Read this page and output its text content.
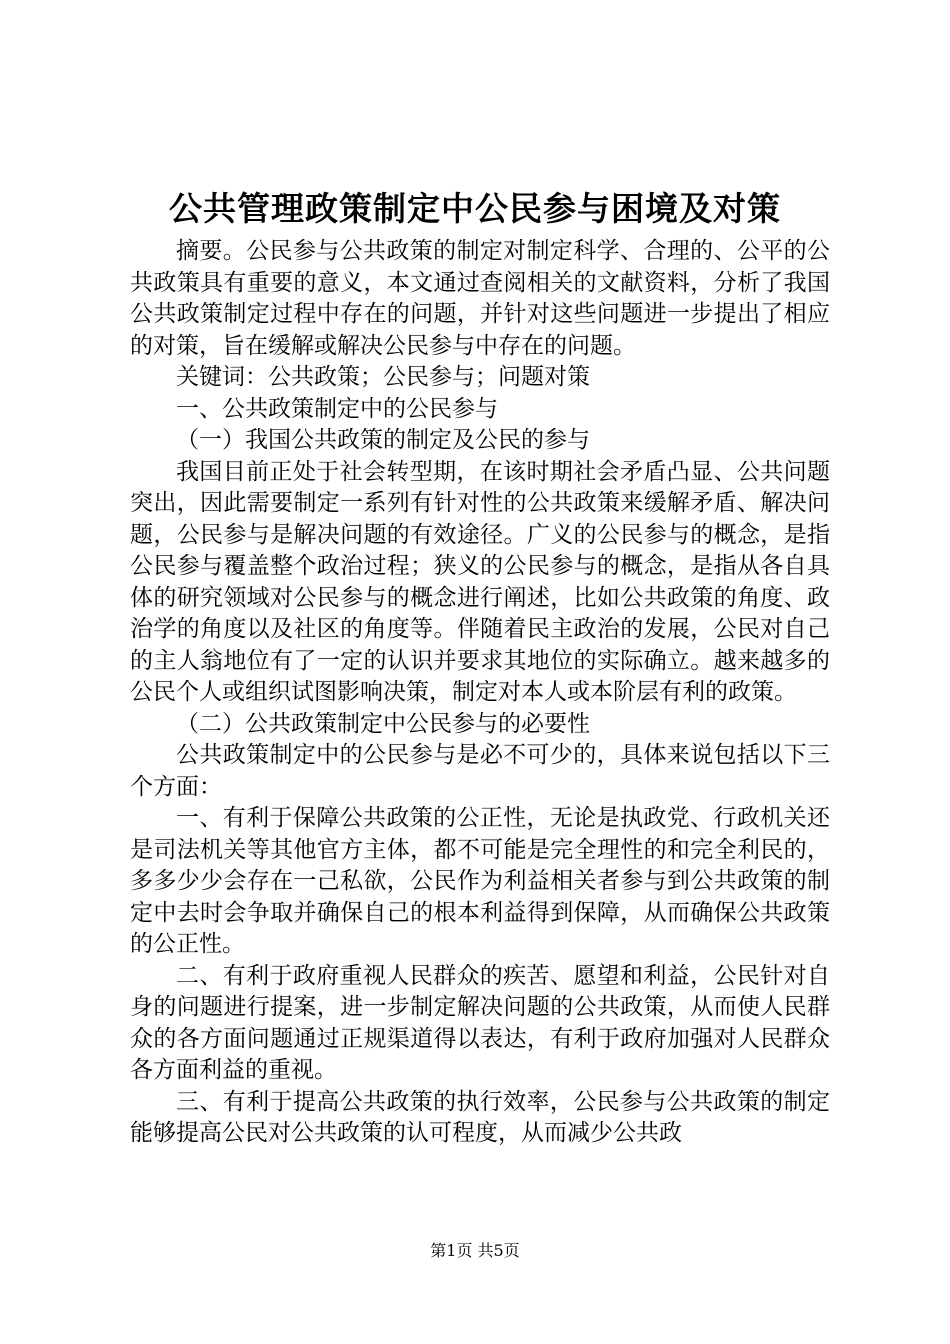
公共管理政策制定中公民参与困境及对策

摘要。公民参与公共政策的制定对制定科学、合理的、公平的公共政策具有重要的意义，本文通过查阅相关的文献资料，分析了我国公共政策制定过程中存在的问题，并针对这些问题进一步提出了相应的对策，旨在缓解或解决公民参与中存在的问题。

关键词：公共政策；公民参与；问题对策

一、公共政策制定中的公民参与

（一）我国公共政策的制定及公民的参与

我国目前正处于社会转型期，在该时期社会矛盾凸显、公共问题突出，因此需要制定一系列有针对性的公共政策来缓解矛盾、解决问题，公民参与是解决问题的有效途径。广义的公民参与的概念，是指公民参与覆盖整个政治过程；狭义的公民参与的概念，是指从各自具体的研究领域对公民参与的概念进行阐述，比如公共政策的角度、政治学的角度以及社区的角度等。伴随着民主政治的发展，公民对自己的主人翁地位有了一定的认识并要求其地位的实际确立。越来越多的公民个人或组织试图影响决策，制定对本人或本阶层有利的政策。

（二）公共政策制定中公民参与的必要性

公共政策制定中的公民参与是必不可少的，具体来说包括以下三个方面：

一、有利于保障公共政策的公正性，无论是执政党、行政机关还是司法机关等其他官方主体，都不可能是完全理性的和完全利民的，多多少少会存在一己私欲，公民作为利益相关者参与到公共政策的制定中去时会争取并确保自己的根本利益得到保障，从而确保公共政策的公正性。

二、有利于政府重视人民群众的疾苦、愿望和利益，公民针对自身的问题进行提案，进一步制定解决问题的公共政策，从而使人民群众的各方面问题通过正规渠道得以表达，有利于政府加强对人民群众各方面利益的重视。

三、有利于提高公共政策的执行效率，公民参与公共政策的制定能够提高公民对公共政策的认可程度，从而减少公共政

第1页 共5页
